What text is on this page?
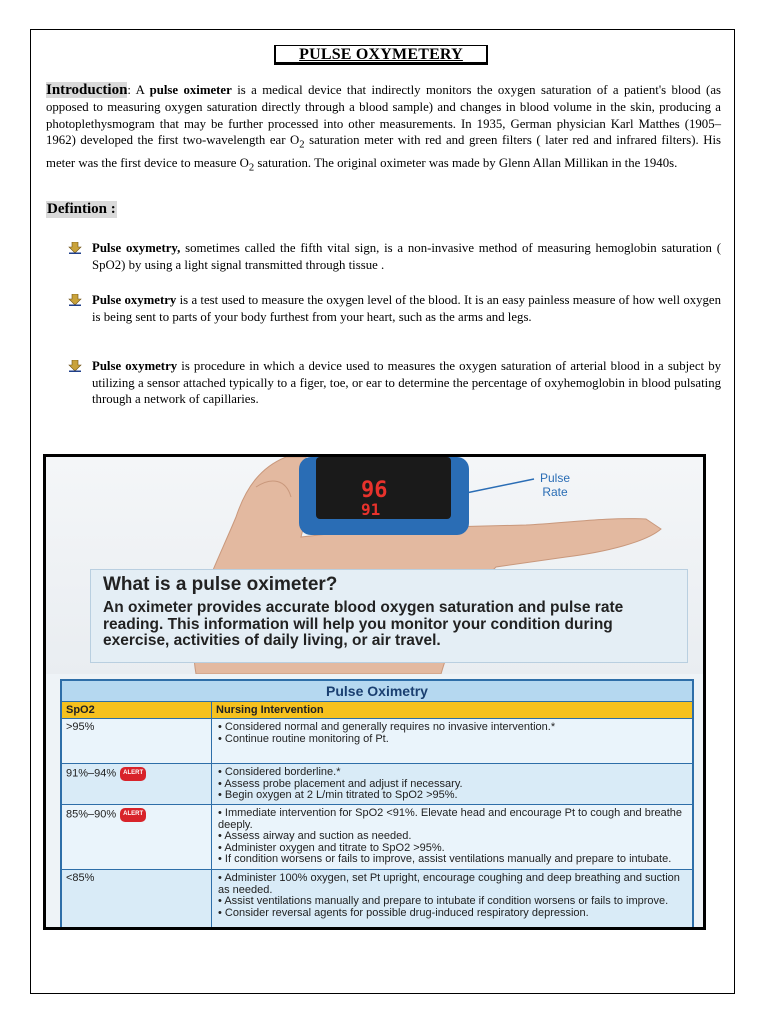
PULSE OXYMETERY
Introduction: A pulse oximeter is a medical device that indirectly monitors the oxygen saturation of a patient's blood (as opposed to measuring oxygen saturation directly through a blood sample) and changes in blood volume in the skin, producing a photoplethysmogram that may be further processed into other measurements. In 1935, German physician Karl Matthes (1905–1962) developed the first two-wavelength ear $O_2$ saturation meter with red and green filters ( later red and infrared filters). His meter was the first device to measure $O_2$ saturation. The original oximeter was made by Glenn Allan Millikan in the 1940s.
Defintion :
Pulse oxymetry, sometimes called the fifth vital sign, is a non-invasive method of measuring hemoglobin saturation ( SpO2) by using a light signal transmitted through tissue .
Pulse oxymetry is a test used to measure the oxygen level of the blood. It is an easy painless measure of how well oxygen is being sent to parts of your body furthest from your heart, such as the arms and legs.
Pulse oxymetry is procedure in which a device used to measures the oxygen saturation of arterial blood in a subject by utilizing a sensor attached typically to a figer, toe, or ear to determine the percentage of oxyhemoglobin in blood pulsating through a network of capillaries.
96
91
Pulse
Rate
What is a pulse oximeter?
An oximeter provides accurate blood oxygen saturation and pulse rate reading. This information will help you monitor your condition during exercise, activities of daily living, or air travel.
Pulse Oximetry
SpO2	Nursing Intervention
>95%	• Considered normal and generally requires no invasive intervention.*
• Continue routine monitoring of Pt.
91%–94% ALERT	• Considered borderline.*
• Assess probe placement and adjust if necessary.
• Begin oxygen at 2 L/min titrated to SpO2 >95%.
85%–90% ALERT	• Immediate intervention for SpO2 <91%. Elevate head and encourage Pt to cough and breathe deeply.
• Assess airway and suction as needed.
• Administer oxygen and titrate to SpO2 >95%.
• If condition worsens or fails to improve, assist ventilations manually and prepare to intubate.
<85%	• Administer 100% oxygen, set Pt upright, encourage coughing and deep breathing and suction as needed.
• Assist ventilations manually and prepare to intubate if condition worsens or fails to improve.
• Consider reversal agents for possible drug-induced respiratory depression.
